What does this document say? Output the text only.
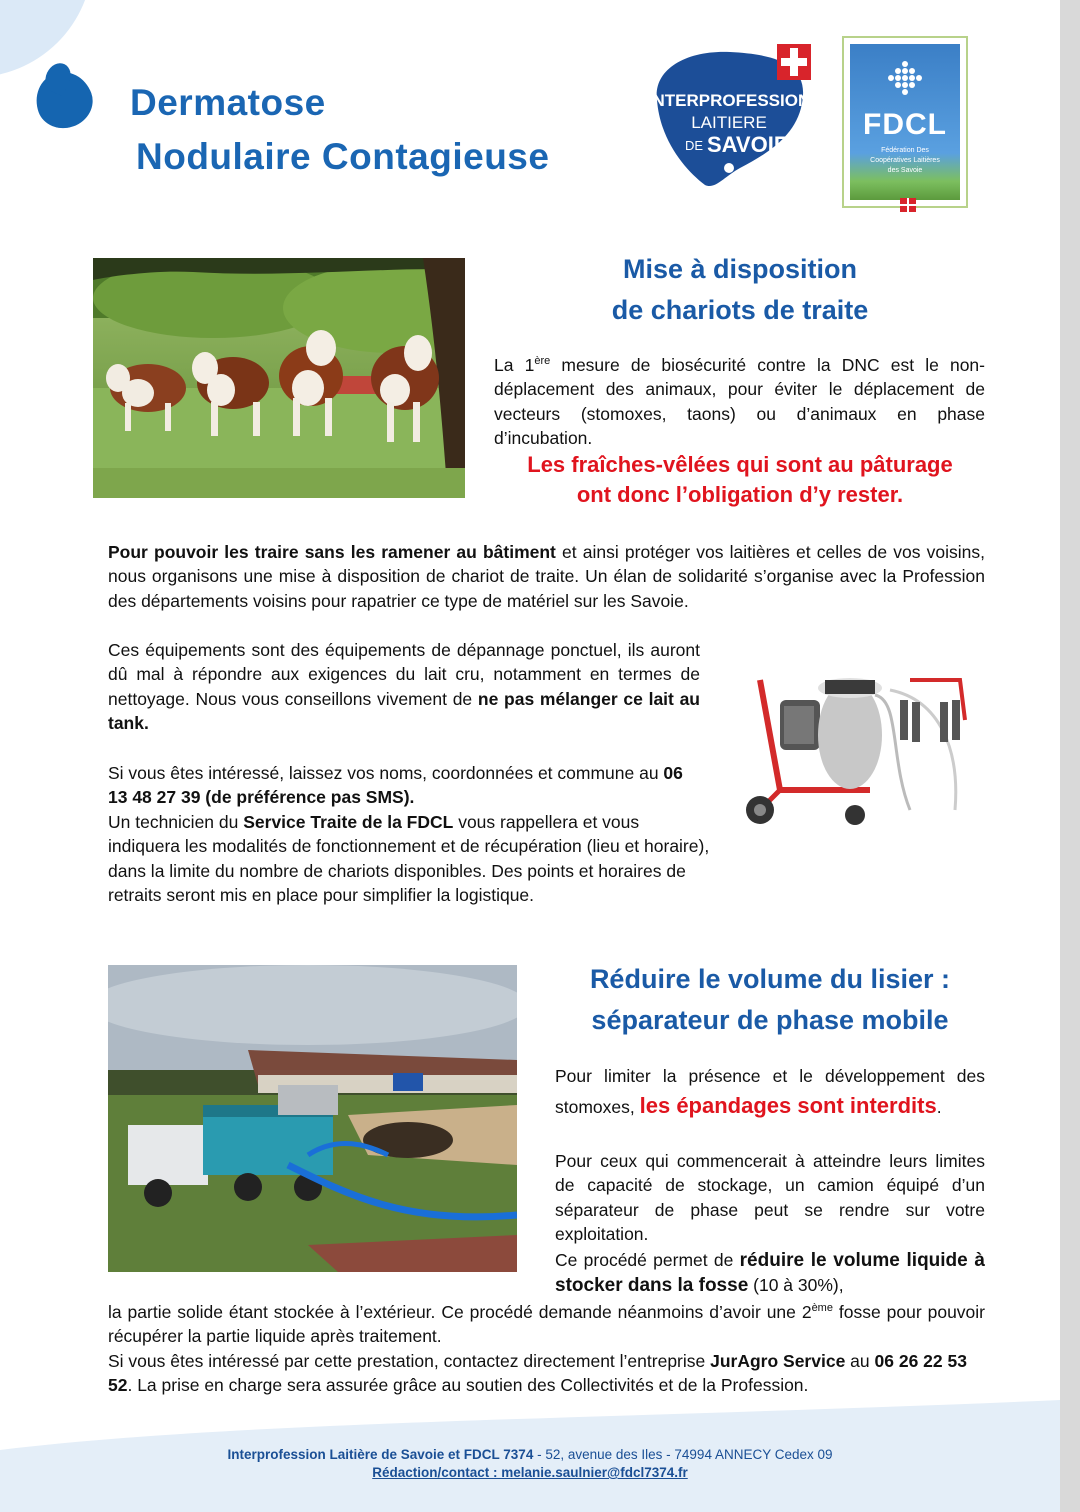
Dermatose
Nodulaire Contagieuse
INTERPROFESSION
LAITIERE
DE SAVOIE
FDCL
Fédération Des
Coopératives Laitières
des Savoie
Mise à disposition
de chariots de traite

La 1ère mesure de biosécurité contre la DNC est le non-déplacement des animaux, pour éviter le déplacement de vecteurs (stomoxes, taons) ou d’animaux en phase d’incubation.

Les fraîches-vêlées qui sont au pâturage
ont donc l’obligation d’y rester.

Pour pouvoir les traire sans les ramener au bâtiment et ainsi protéger vos laitières et celles de vos voisins, nous organisons une mise à disposition de chariot de traite. Un élan de solidarité s’organise avec la Profession des départements voisins pour rapatrier ce type de matériel sur les Savoie.

Ces équipements sont des équipements de dépannage ponctuel, ils auront dû mal à répondre aux exigences du lait cru, notamment en termes de nettoyage. Nous vous conseillons vivement de ne pas mélanger ce lait au tank.

Si vous êtes intéressé, laissez vos noms, coordonnées et commune au 06 13 48 27 39 (de préférence pas SMS).

Un technicien du Service Traite de la FDCL vous rappellera et vous indiquera les modalités de fonctionnement et de récupération (lieu et horaire), dans la limite du nombre de chariots disponibles. Des points et horaires de retraits seront mis en place pour simplifier la logistique.

Réduire le volume du lisier :
séparateur de phase mobile

Pour limiter la présence et le développement des stomoxes, les épandages sont interdits.

Pour ceux qui commencerait à atteindre leurs limites de capacité de stockage, un camion équipé d’un séparateur de phase peut se rendre sur votre exploitation.

Ce procédé permet de réduire le volume liquide à stocker dans la fosse (10 à 30%),

la partie solide étant stockée à l’extérieur. Ce procédé demande néanmoins d’avoir une 2ème fosse pour pouvoir récupérer la partie liquide après traitement.

Si vous êtes intéressé par cette prestation, contactez directement l’entreprise JurAgro Service au 06 26 22 53 52. La prise en charge sera assurée grâce au soutien des Collectivités et de la Profession.

Interprofession Laitière de Savoie et FDCL 7374 - 52, avenue des Iles - 74994 ANNECY Cedex 09
Rédaction/contact : melanie.saulnier@fdcl7374.fr
